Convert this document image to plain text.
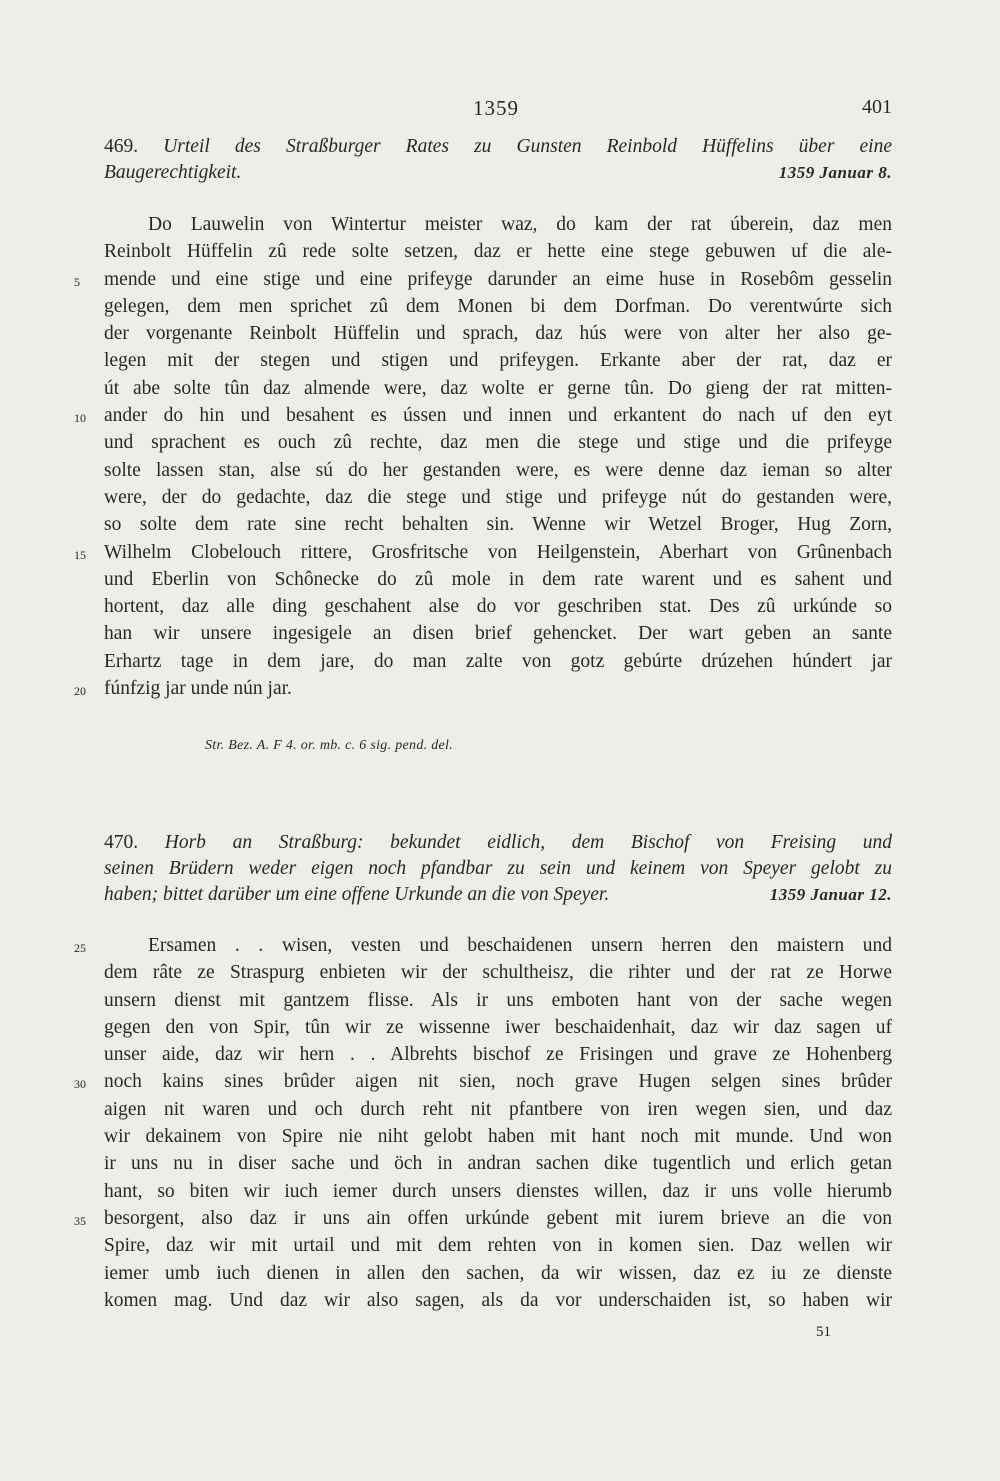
1359	401
469. Urteil des Straßburger Rates zu Gunsten Reinbold Hüffelins über eine
Baugerechtigkeit.	1359 Januar 8.
Do Lauwelin von Wintertur meister waz, do kam der rat úberein, daz men
Reinbolt Hüffelin zû rede solte setzen, daz er hette eine stege gebuwen uf die ale-
5	mende und eine stige und eine prifeyge darunder an eime huse in Rosebôm gesselin
gelegen, dem men sprichet zû dem Monen bi dem Dorfman. Do verentwúrte sich
der vorgenante Reinbolt Hüffelin und sprach, daz hús were von alter her also ge-
legen mit der stegen und stigen und prifeygen. Erkante aber der rat, daz er
út abe solte tûn daz almende were, daz wolte er gerne tûn. Do gieng der rat mitten-
10 ander do hin und besahent es ússen und innen und erkantent do nach uf den eyt
und sprachent es ouch zû rechte, daz men die stege und stige und die prifeyge
solte lassen stan, alse sú do her gestanden were, es were denne daz ieman so alter
were, der do gedachte, daz die stege und stige und prifeyge nút do gestanden were,
so solte dem rate sine recht behalten sin. Wenne wir Wetzel Broger, Hug Zorn,
15 Wilhelm Clobelouch rittere, Grosfritsche von Heilgenstein, Aberhart von Grûnenbach
und Eberlin von Schônecke do zû mole in dem rate warent und es sahent und
hortent, daz alle ding geschahent alse do vor geschriben stat. Des zû urkúnde so
han wir unsere ingesigele an disen brief gehencket. Der wart geben an sante
Erhartz tage in dem jare, do man zalte von gotz gebúrte drúzehen húndert jar
20 fúnfzig jar unde nún jar.
Str. Bez. A. F 4. or. mb. c. 6 sig. pend. del.
470. Horb an Straßburg: bekundet eidlich, dem Bischof von Freising und
seinen Brüdern weder eigen noch pfandbar zu sein und keinem von Speyer gelobt zu
haben; bittet darüber um eine offene Urkunde an die von Speyer.	1359 Januar 12.
25	Ersamen . . wisen, vesten und beschaidenen unsern herren den maistern und
dem râte ze Straspurg enbieten wir der schultheisz, die rihter und der rat ze Horwe
unsern dienst mit gantzem flisse. Als ir uns emboten hant von der sache wegen
gegen den von Spir, tûn wir ze wissenne iwer beschaidenhait, daz wir daz sagen uf
unser aide, daz wir hern . . Albrehts bischof ze Frisingen und grave ze Hohenberg
30 noch kains sines brûder aigen nit sien, noch grave Hugen selgen sines brûder
aigen nit waren und och durch reht nit pfantbere von iren wegen sien, und daz
wir dekainem von Spire nie niht gelobt haben mit hant noch mit munde. Und won
ir uns nu in diser sache und öch in andran sachen dike tugentlich und erlich getan
hant, so biten wir iuch iemer durch unsers dienstes willen, daz ir uns volle hierumb
35 besorgent, also daz ir uns ain offen urkúnde gebent mit iurem brieve an die von
Spire, daz wir mit urtail und mit dem rehten von in komen sien. Daz wellen wir
iemer umb iuch dienen in allen den sachen, da wir wissen, daz ez iu ze dienste
komen mag. Und daz wir also sagen, als da vor underschaiden ist, so haben wir
51
